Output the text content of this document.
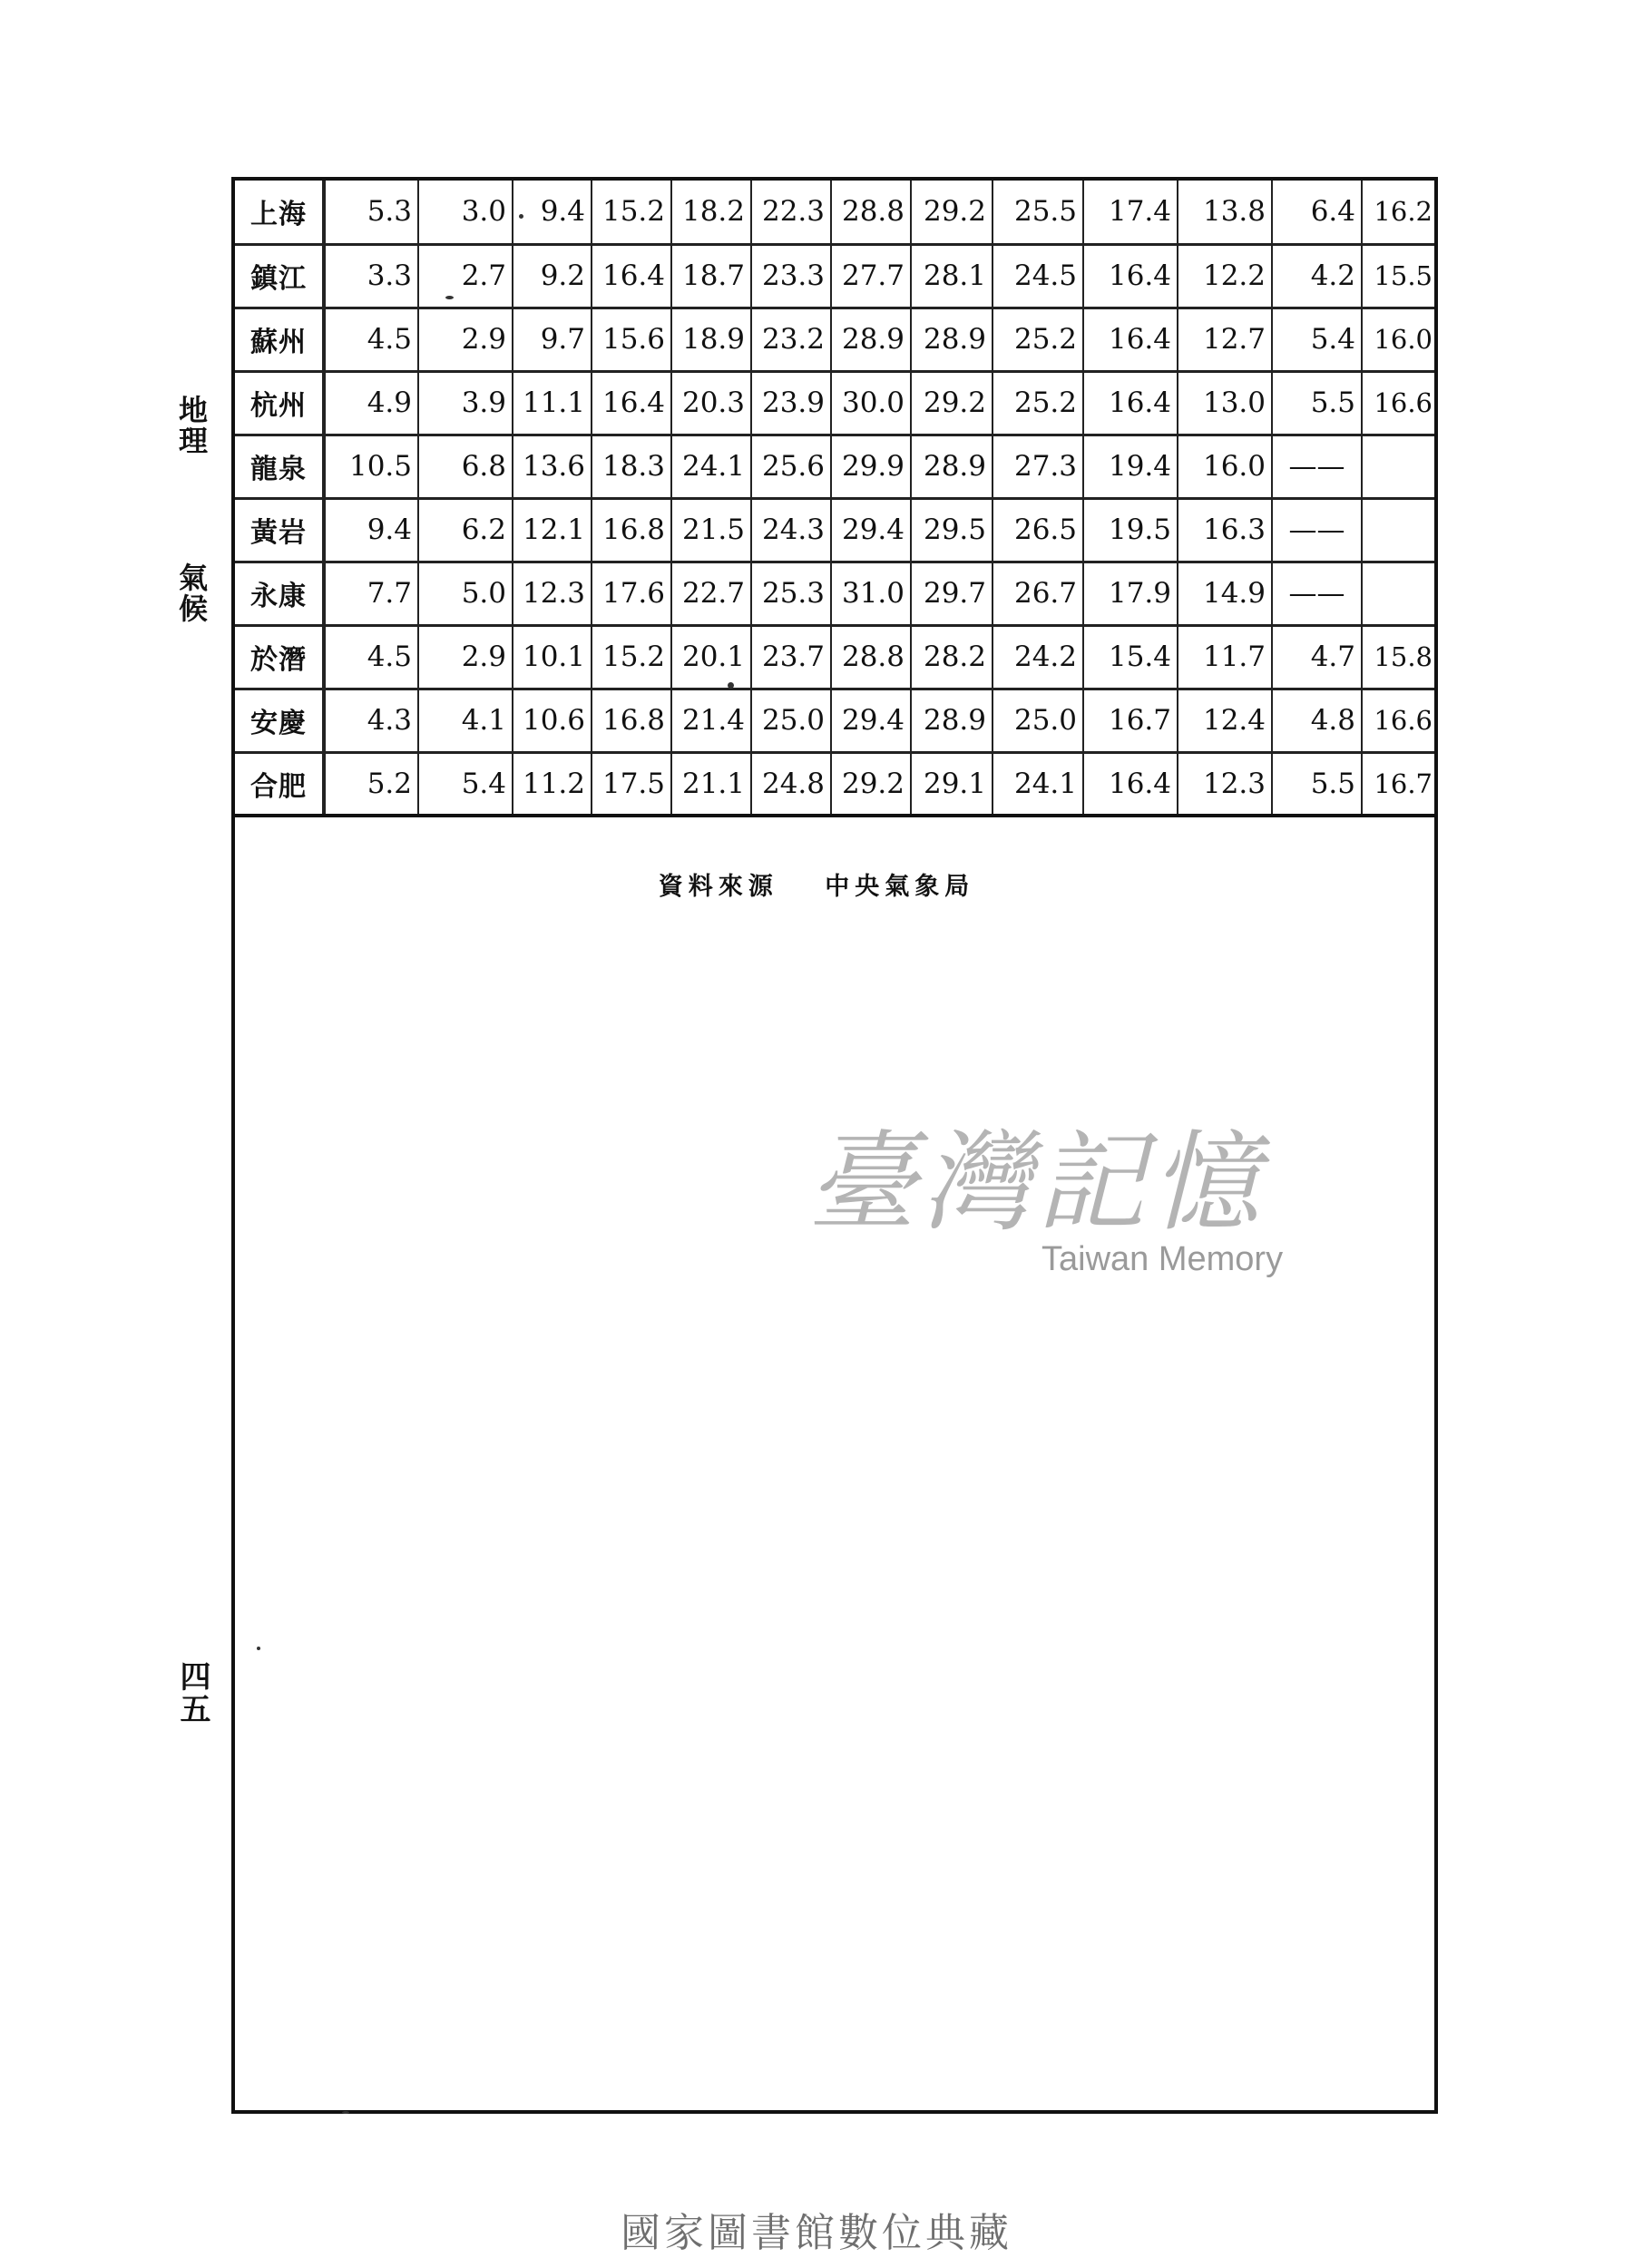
地理
氣候
四五
上海	5.3	3.0	9.4	15.2	18.2	22.3	28.8	29.2	25.5	17.4	13.8	6.4	16.2
鎮江	3.3	2.7	9.2	16.4	18.7	23.3	27.7	28.1	24.5	16.4	12.2	4.2	15.5
蘇州	4.5	2.9	9.7	15.6	18.9	23.2	28.9	28.9	25.2	16.4	12.7	5.4	16.0
杭州	4.9	3.9	11.1	16.4	20.3	23.9	30.0	29.2	25.2	16.4	13.0	5.5	16.6
龍泉	10.5	6.8	13.6	18.3	24.1	25.6	29.9	28.9	27.3	19.4	16.0	——	
黃岩	9.4	6.2	12.1	16.8	21.5	24.3	29.4	29.5	26.5	19.5	16.3	——	
永康	7.7	5.0	12.3	17.6	22.7	25.3	31.0	29.7	26.7	17.9	14.9	——	
於潛	4.5	2.9	10.1	15.2	20.1	23.7	28.8	28.2	24.2	15.4	11.7	4.7	15.8
安慶	4.3	4.1	10.6	16.8	21.4	25.0	29.4	28.9	25.0	16.7	12.4	4.8	16.6
合肥	5.2	5.4	11.2	17.5	21.1	24.8	29.2	29.1	24.1	16.4	12.3	5.5	16.7
資料來源 中央氣象局
臺灣記憶
Taiwan Memory
國家圖書館數位典藏
